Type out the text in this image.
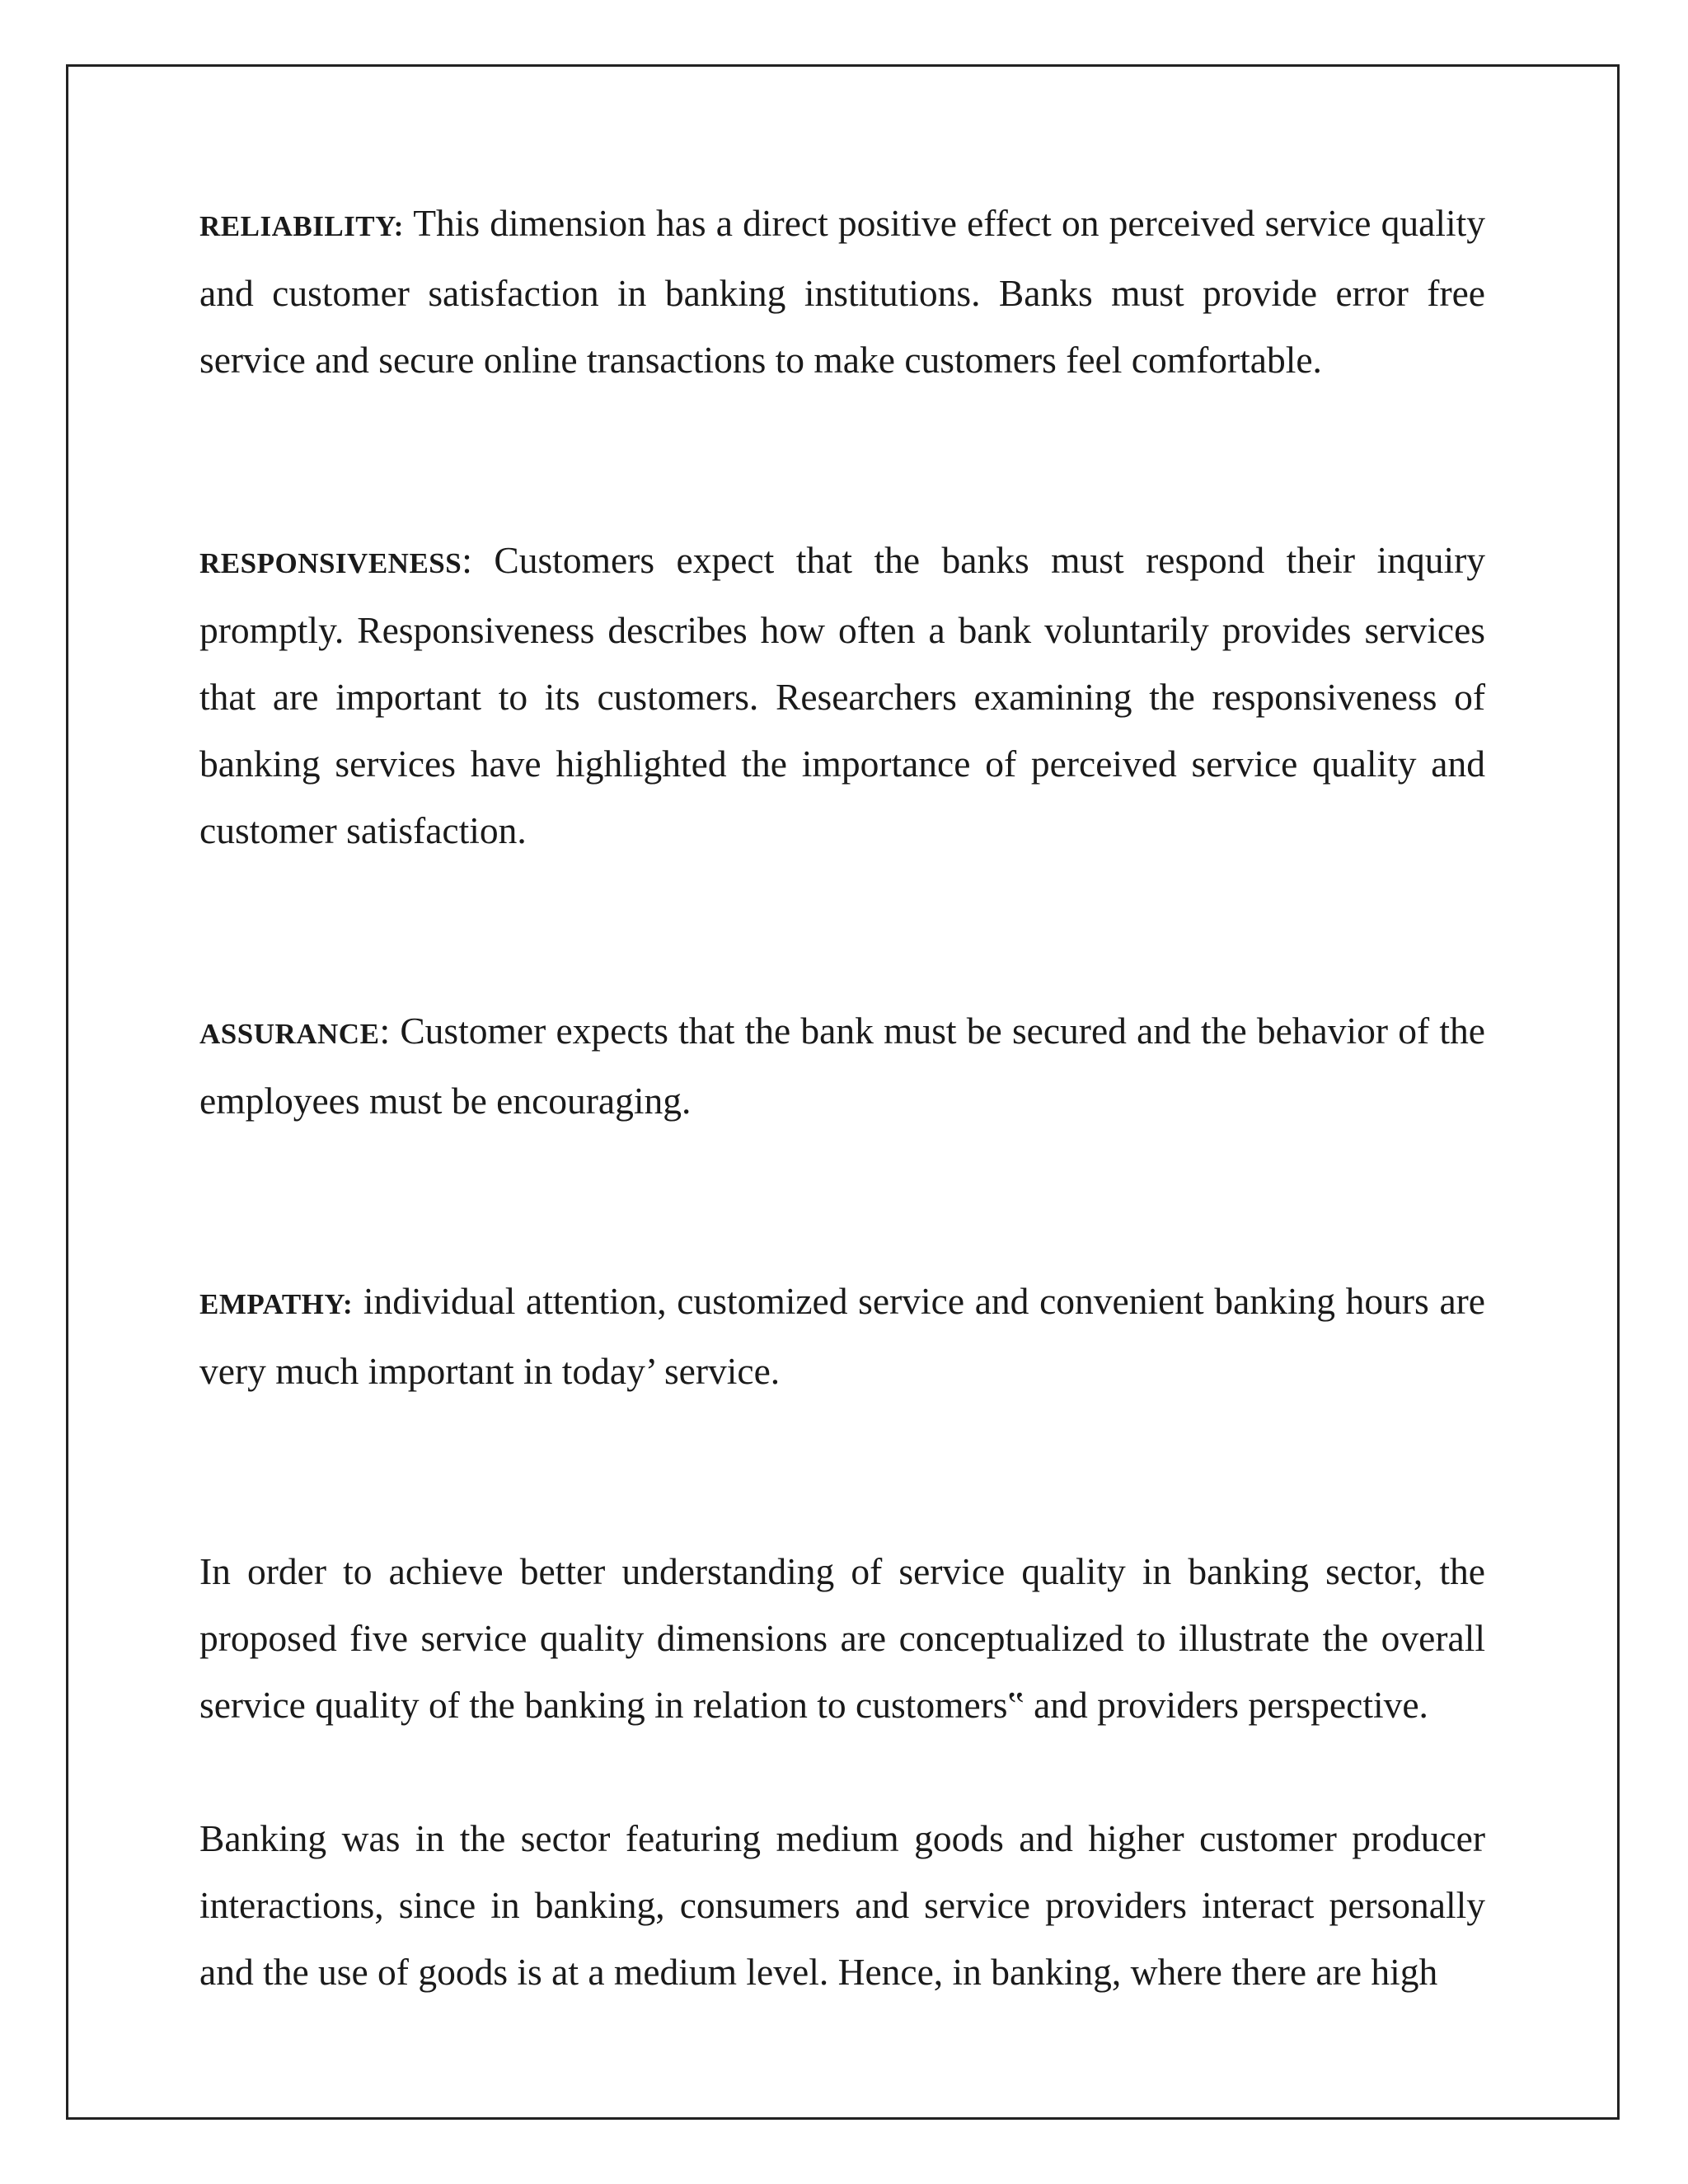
RELIABILITY: This dimension has a direct positive effect on perceived service quality and customer satisfaction in banking institutions. Banks must provide error free service and secure online transactions to make customers feel comfortable.

RESPONSIVENESS: Customers expect that the banks must respond their inquiry promptly. Responsiveness describes how often a bank voluntarily provides services that are important to its customers. Researchers examining the responsiveness of banking services have highlighted the importance of perceived service quality and customer satisfaction.

ASSURANCE: Customer expects that the bank must be secured and the behavior of the employees must be encouraging.

EMPATHY: individual attention, customized service and convenient banking hours are very much important in today’ service.

In order to achieve better understanding of service quality in banking sector, the proposed five service quality dimensions are conceptualized to illustrate the overall service quality of the banking in relation to customers‟ and providers perspective.

Banking was in the sector featuring medium goods and higher customer producer interactions, since in banking, consumers and service providers interact personally and the use of goods is at a medium level. Hence, in banking, where there are high
